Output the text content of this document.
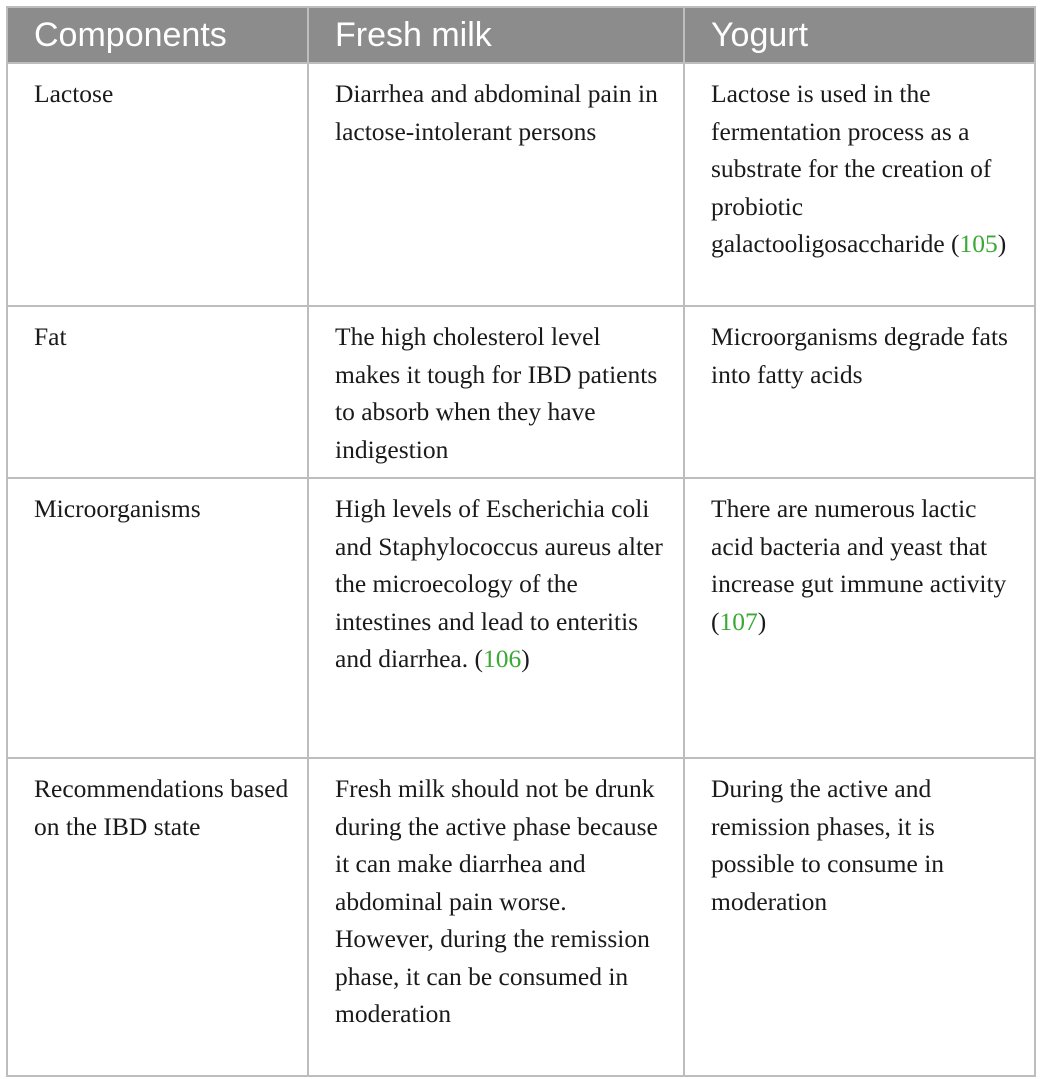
Components	Fresh milk	Yogurt
Lactose	Diarrhea and abdominal pain in lactose-intolerant persons	Lactose is used in the fermentation process as a substrate for the creation of probiotic galactooligosaccharide (105)
Fat	The high cholesterol level makes it tough for IBD patients to absorb when they have indigestion	Microorganisms degrade fats into fatty acids
Microorganisms	High levels of Escherichia coli and Staphylococcus aureus alter the microecology of the intestines and lead to enteritis and diarrhea. (106)	There are numerous lactic acid bacteria and yeast that increase gut immune activity (107)
Recommendations based on the IBD state	Fresh milk should not be drunk during the active phase because it can make diarrhea and abdominal pain worse. However, during the remission phase, it can be consumed in moderation	During the active and remission phases, it is possible to consume in moderation
